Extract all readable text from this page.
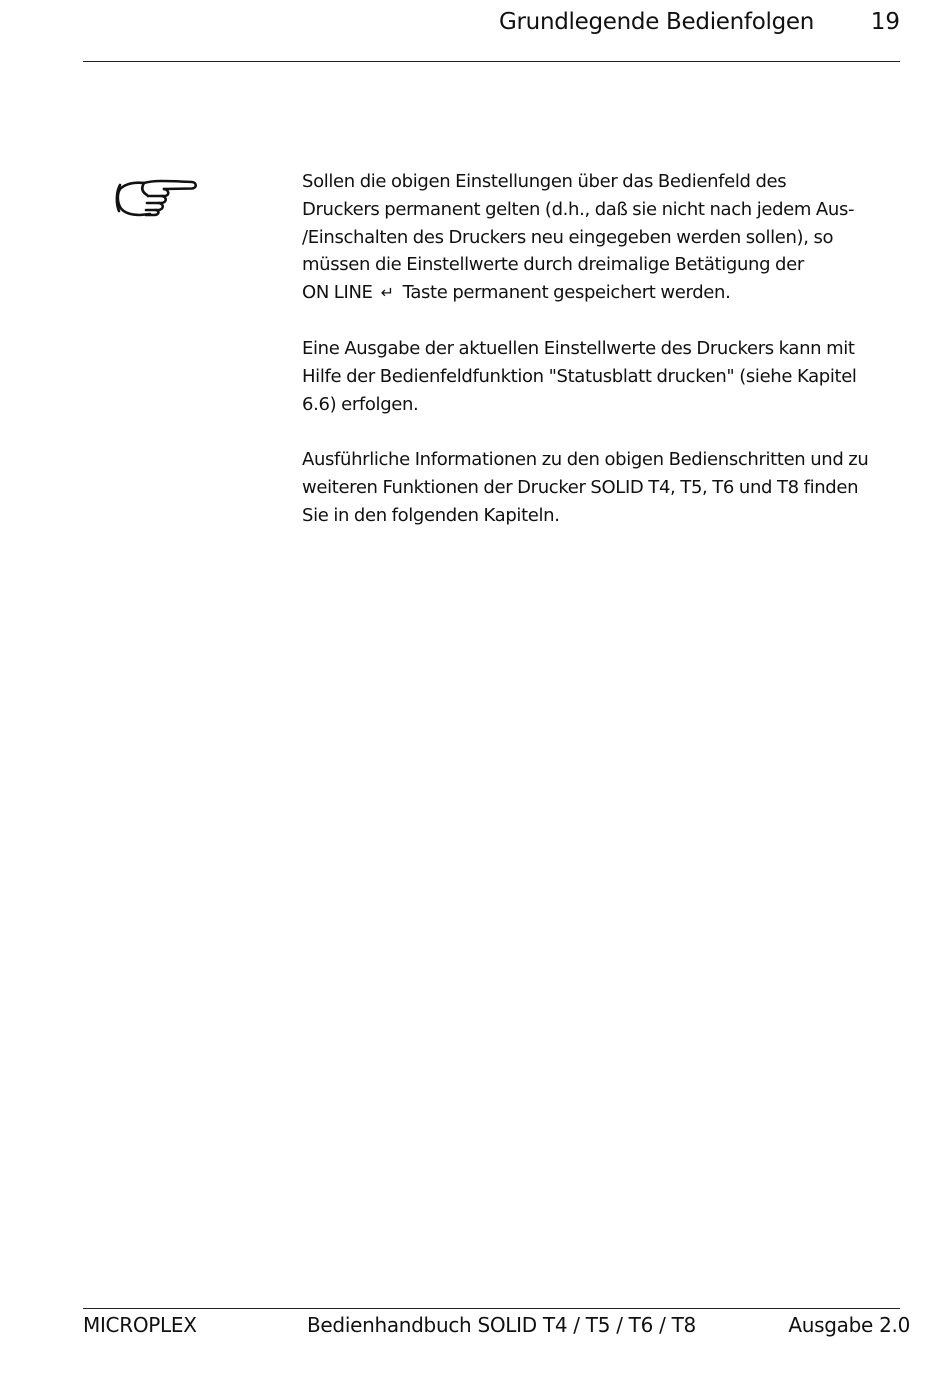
Grundlegende Bedienfolgen	19

Sollen die obigen Einstellungen über das Bedienfeld des
Druckers permanent gelten (d.h., daß sie nicht nach jedem Aus-
/Einschalten des Druckers neu eingegeben werden sollen), so
müssen die Einstellwerte durch dreimalige Betätigung der
ON LINE ↵ Taste permanent gespeichert werden.

Eine Ausgabe der aktuellen Einstellwerte des Druckers kann mit
Hilfe der Bedienfeldfunktion "Statusblatt drucken" (siehe Kapitel
6.6) erfolgen.

Ausführliche Informationen zu den obigen Bedienschritten und zu
weiteren Funktionen der Drucker SOLID T4, T5, T6 und T8 finden
Sie in den folgenden Kapiteln.

MICROPLEX	Bedienhandbuch SOLID T4 / T5 / T6 / T8	Ausgabe 2.0
